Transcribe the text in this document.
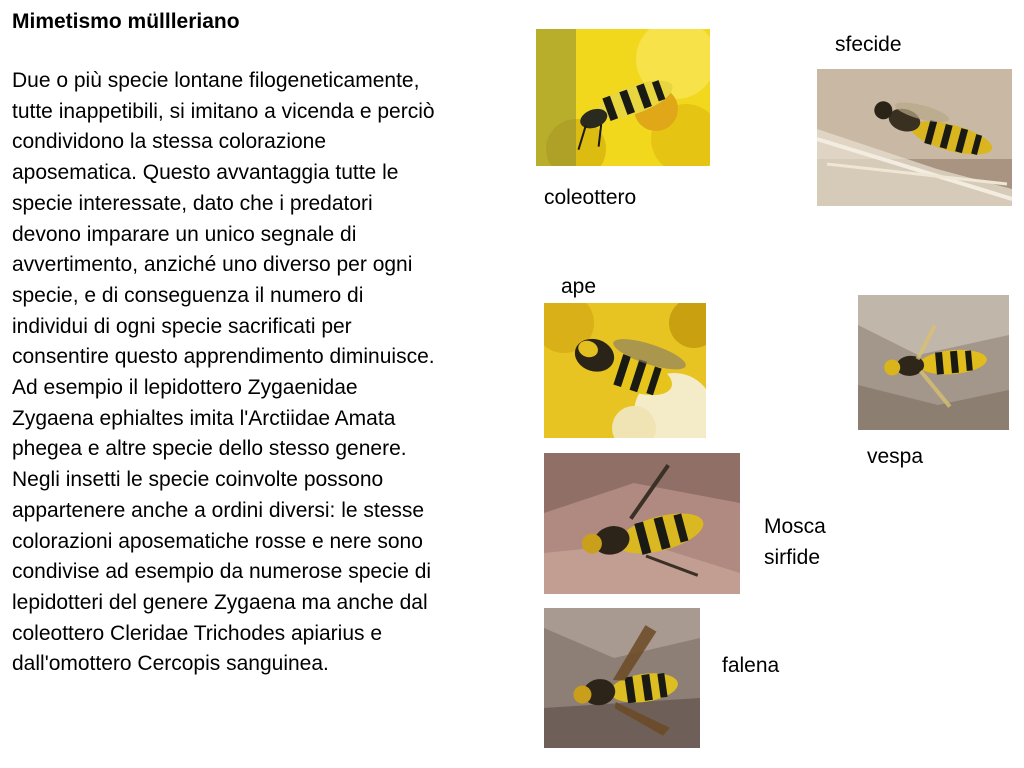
Mimetismo müllleriano
Due o più specie lontane filogeneticamente,
tutte inappetibili, si imitano a vicenda e perciò
condividono la stessa colorazione
aposematica. Questo avvantaggia tutte le
specie interessate, dato che i predatori
devono imparare un unico segnale di
avvertimento, anziché uno diverso per ogni
specie, e di conseguenza il numero di
individui di ogni specie sacrificati per
consentire questo apprendimento diminuisce.
Ad esempio il lepidottero Zygaenidae
Zygaena ephialtes imita l'Arctiidae Amata
phegea e altre specie dello stesso genere.
Negli insetti le specie coinvolte possono
appartenere anche a ordini diversi: le stesse
colorazioni aposematiche rosse e nere sono
condivise ad esempio da numerose specie di
lepidotteri del genere Zygaena ma anche dal
coleottero Cleridae Trichodes apiarius e
dall'omottero Cercopis sanguinea.
coleottero
sfecide
ape
vespa
Mosca
sirfide
falena
